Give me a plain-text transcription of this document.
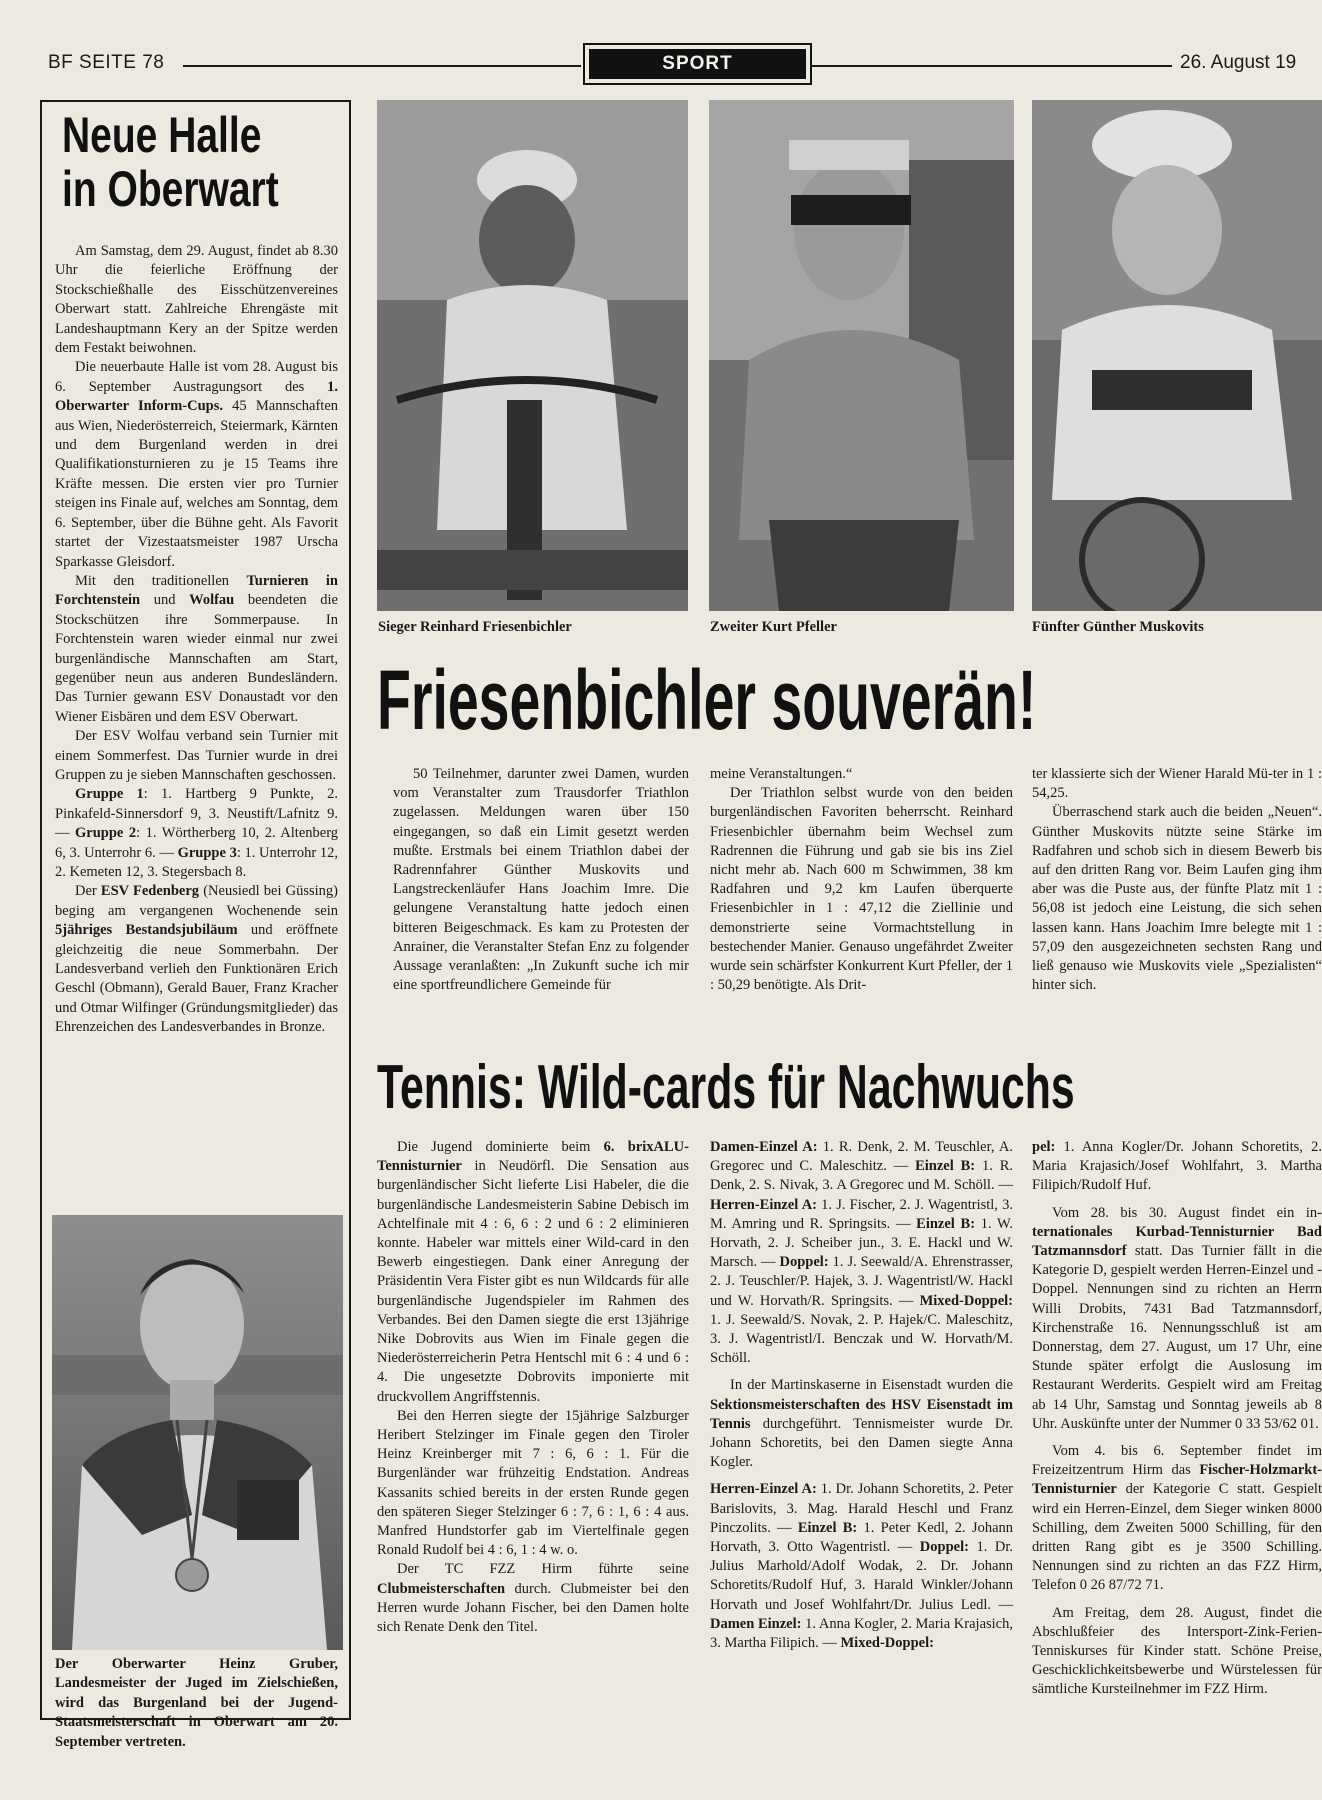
BF SEITE 78	SPORT	26. August 19
Neue Halle
in Oberwart

Am Samstag, dem 29. August, findet ab 8.30 Uhr die feierliche Eröffnung der Stockschießhalle des Eisschützenvereines Oberwart statt. Zahlreiche Ehrengäste mit Landeshauptmann Kery an der Spitze werden dem Festakt beiwohnen.

Die neuerbaute Halle ist vom 28. August bis 6. September Austragungsort des 1. Oberwarter Inform-Cups. 45 Mannschaften aus Wien, Niederösterreich, Steiermark, Kärnten und dem Burgenland werden in drei Qualifikationsturnieren zu je 15 Teams ihre Kräfte messen. Die ersten vier pro Turnier steigen ins Finale auf, welches am Sonntag, dem 6. September, über die Bühne geht. Als Favorit startet der Vizestaatsmeister 1987 Urscha Sparkasse Gleisdorf.

Mit den traditionellen Turnieren in Forchtenstein und Wolfau beendeten die Stockschützen ihre Sommerpause. In Forchtenstein waren wieder einmal nur zwei burgenländische Mannschaften am Start, gegenüber neun aus anderen Bundesländern. Das Turnier gewann ESV Donaustadt vor den Wiener Eisbären und dem ESV Oberwart.

Der ESV Wolfau verband sein Turnier mit einem Sommerfest. Das Turnier wurde in drei Gruppen zu je sieben Mannschaften geschossen.

Gruppe 1: 1. Hartberg 9 Punkte, 2. Pinkafeld-Sinnersdorf 9, 3. Neustift/Lafnitz 9. — Gruppe 2: 1. Wörtherberg 10, 2. Altenberg 6, 3. Unterrohr 6. — Gruppe 3: 1. Unterrohr 12, 2. Kemeten 12, 3. Stegersbach 8.

Der ESV Fedenberg (Neusiedl bei Güssing) beging am vergangenen Wochenende sein 5jähriges Bestandsjubiläum und eröffnete gleichzeitig die neue Sommerbahn. Der Landesverband verlieh den Funktionären Erich Geschl (Obmann), Gerald Bauer, Franz Kracher und Otmar Wilfinger (Gründungsmitglieder) das Ehrenzeichen des Landesverbandes in Bronze.

Der Oberwarter Heinz Gruber, Landesmeister der Juged im Zielschießen, wird das Burgenland bei der Jugend-Staatsmeisterschaft in Oberwart am 20. September vertreten.

Sieger Reinhard Friesenbichler	Zweiter Kurt Pfeller	Fünfter Günther Muskovits
Friesenbichler souverän!

50 Teilnehmer, darunter zwei Damen, wurden vom Veranstalter zum Trausdorfer Triathlon zugelassen. Meldungen waren über 150 eingegangen, so daß ein Limit gesetzt werden mußte. Erstmals bei einem Triathlon dabei der Radrennfahrer Günther Muskovits und Langstreckenläufer Hans Joachim Imre. Die gelungene Veranstaltung hatte jedoch einen bitteren Beigeschmack. Es kam zu Protesten der Anrainer, die Veranstalter Stefan Enz zu folgender Aussage veranlaßten: „In Zukunft suche ich mir eine sportfreundlichere Gemeinde für

meine Veranstaltungen.“

Der Triathlon selbst wurde von den beiden burgenländischen Favoriten beherrscht. Reinhard Friesenbichler übernahm beim Wechsel zum Radrennen die Führung und gab sie bis ins Ziel nicht mehr ab. Nach 600 m Schwimmen, 38 km Radfahren und 9,2 km Laufen überquerte Friesenbichler in 1 : 47,12 die Ziellinie und demonstrierte seine Vormachtstellung in bestechender Manier. Genauso ungefährdet Zweiter wurde sein schärfster Konkurrent Kurt Pfeller, der 1 : 50,29 benötigte. Als Drit-

ter klassierte sich der Wiener Harald Mü-ter in 1 : 54,25.

Überraschend stark auch die beiden „Neuen“. Günther Muskovits nützte seine Stärke im Radfahren und schob sich in diesem Bewerb bis auf den dritten Rang vor. Beim Laufen ging ihm aber was die Puste aus, der fünfte Platz mit 1 : 56,08 ist jedoch eine Leistung, die sich sehen lassen kann. Hans Joachim Imre belegte mit 1 : 57,09 den ausgezeichneten sechsten Rang und ließ genauso wie Muskovits viele „Spezialisten“ hinter sich.

Tennis: Wild-cards für Nachwuchs

Die Jugend dominierte beim 6. brixALU-Tennisturnier in Neudörfl. Die Sensation aus burgenländischer Sicht lieferte Lisi Habeler, die die burgenländische Landesmeisterin Sabine Debisch im Achtelfinale mit 4 : 6, 6 : 2 und 6 : 2 eliminieren konnte. Habeler war mittels einer Wild-card in den Bewerb eingestiegen. Dank einer Anregung der Präsidentin Vera Fister gibt es nun Wildcards für alle burgenländische Jugendspieler im Rahmen des Verbandes. Bei den Damen siegte die erst 13jährige Nike Dobrovits aus Wien im Finale gegen die Niederösterreicherin Petra Hentschl mit 6 : 4 und 6 : 4. Die ungesetzte Dobrovits imponierte mit druckvollem Angriffstennis.

Bei den Herren siegte der 15jährige Salzburger Heribert Stelzinger im Finale gegen den Tiroler Heinz Kreinberger mit 7 : 6, 6 : 1. Für die Burgenländer war frühzeitig Endstation. Andreas Kassanits schied bereits in der ersten Runde gegen den späteren Sieger Stelzinger 6 : 7, 6 : 1, 6 : 4 aus. Manfred Hundstorfer gab im Viertelfinale gegen Ronald Rudolf bei 4 : 6, 1 : 4 w. o.

Der TC FZZ Hirm führte seine Clubmeisterschaften durch. Clubmeister bei den Herren wurde Johann Fischer, bei den Damen holte sich Renate Denk den Titel.

Damen-Einzel A: 1. R. Denk, 2. M. Teuschler, A. Gregorec und C. Maleschitz. — Einzel B: 1. R. Denk, 2. S. Nivak, 3. A Gregorec und M. Schöll. — Herren-Einzel A: 1. J. Fischer, 2. J. Wagentristl, 3. M. Amring und R. Springsits. — Einzel B: 1. W. Horvath, 2. J. Scheiber jun., 3. E. Hackl und W. Marsch. — Doppel: 1. J. Seewald/A. Ehrenstrasser, 2. J. Teuschler/P. Hajek, 3. J. Wagentristl/W. Hackl und W. Horvath/R. Springsits. — Mixed-Doppel: 1. J. Seewald/S. Novak, 2. P. Hajek/C. Maleschitz, 3. J. Wagentristl/I. Benczak und W. Horvath/M. Schöll.

In der Martinskaserne in Eisenstadt wurden die Sektionsmeisterschaften des HSV Eisenstadt im Tennis durchgeführt. Tennismeister wurde Dr. Johann Schoretits, bei den Damen siegte Anna Kogler.

Herren-Einzel A: 1. Dr. Johann Schoretits, 2. Peter Barislovits, 3. Mag. Harald Heschl und Franz Pinczolits. — Einzel B: 1. Peter Kedl, 2. Johann Horvath, 3. Otto Wagentristl. — Doppel: 1. Dr. Julius Marhold/Adolf Wodak, 2. Dr. Johann Schoretits/Rudolf Huf, 3. Harald Winkler/Johann Horvath und Josef Wohlfahrt/Dr. Julius Ledl. — Damen Einzel: 1. Anna Kogler, 2. Maria Krajasich, 3. Martha Filipich. — Mixed-Doppel:

pel: 1. Anna Kogler/Dr. Johann Schoretits, 2. Maria Krajasich/Josef Wohlfahrt, 3. Martha Filipich/Rudolf Huf.

Vom 28. bis 30. August findet ein in-ternationales Kurbad-Tennisturnier Bad Tatzmannsdorf statt. Das Turnier fällt in die Kategorie D, gespielt werden Herren-Einzel und -Doppel. Nennungen sind zu richten an Herrn Willi Drobits, 7431 Bad Tatzmannsdorf, Kirchenstraße 16. Nennungsschluß ist am Donnerstag, dem 27. August, um 17 Uhr, eine Stunde später erfolgt die Auslosung im Restaurant Werderits. Gespielt wird am Freitag ab 14 Uhr, Samstag und Sonntag jeweils ab 8 Uhr. Auskünfte unter der Nummer 0 33 53/62 01.

Vom 4. bis 6. September findet im Freizeitzentrum Hirm das Fischer-Holzmarkt-Tennisturnier der Kategorie C statt. Gespielt wird ein Herren-Einzel, dem Sieger winken 8000 Schilling, dem Zweiten 5000 Schilling, für den dritten Rang gibt es je 3500 Schilling. Nennungen sind zu richten an das FZZ Hirm, Telefon 0 26 87/72 71.

Am Freitag, dem 28. August, findet die Abschlußfeier des Intersport-Zink-Ferien-Tenniskurses für Kinder statt. Schöne Preise, Geschicklichkeitsbewerbe und Würstelessen für sämtliche Kursteilnehmer im FZZ Hirm.
